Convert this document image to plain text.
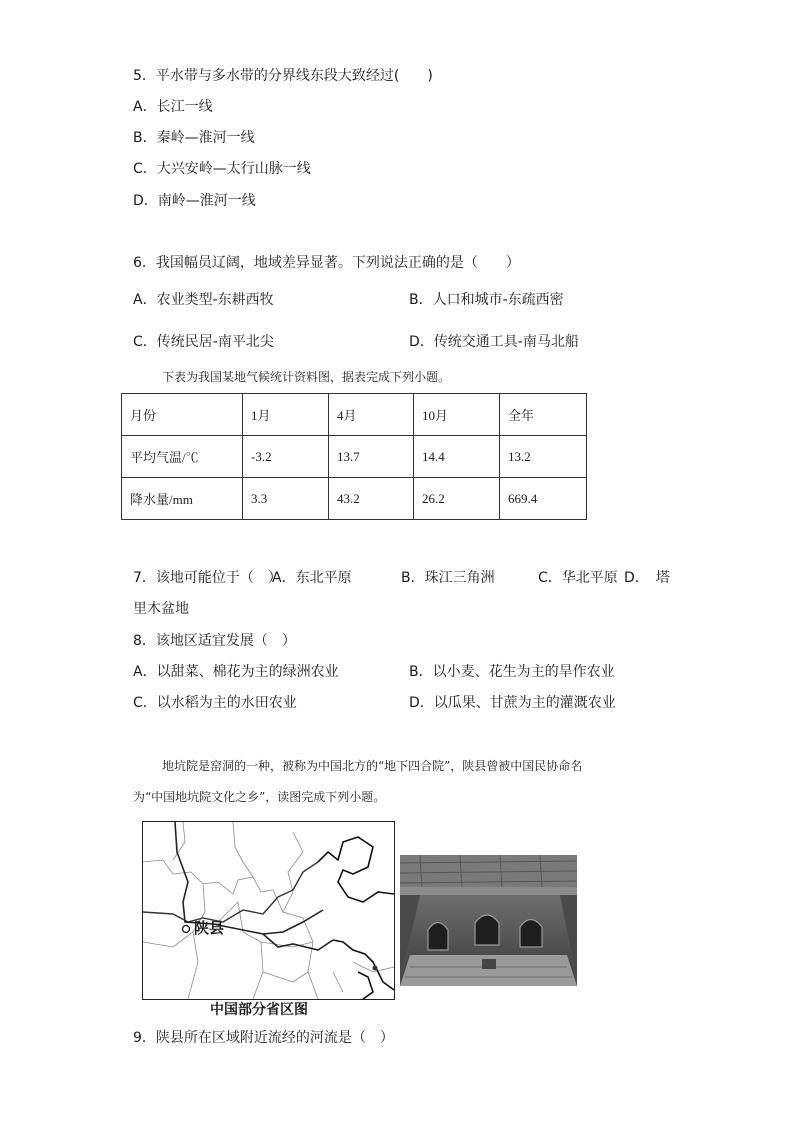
5．平水带与多水带的分界线东段大致经过(　　)
A．长江一线
B．秦岭—淮河一线
C．大兴安岭—太行山脉一线
D．南岭—淮河一线
6．我国幅员辽阔，地域差异显著。下列说法正确的是（　　）
A．农业类型-东耕西牧	B．人口和城市-东疏西密
C．传统民居-南平北尖	D．传统交通工具-南马北船
下表为我国某地气候统计资料图，据表完成下列小题。
月份	1月	4月	10月	全年
平均气温/℃	-3.2	13.7	14.4	13.2
降水量/mm	3.3	43.2	26.2	669.4
7．该地可能位于（　）
A．东北平原	B．珠江三角洲	C．华北平原 D．　塔
里木盆地
8．该地区适宜发展（　）
A．以甜菜、棉花为主的绿洲农业	B．以小麦、花生为主的旱作农业
C．以水稻为主的水田农业	D．以瓜果、甘蔗为主的灌溉农业
地坑院是窑洞的一种，被称为中国北方的“地下四合院”，陕县曾被中国民协命名
为“中国地坑院文化之乡”，读图完成下列小题。
陕县
中国部分省区图
9．陕县所在区域附近流经的河流是（　）
